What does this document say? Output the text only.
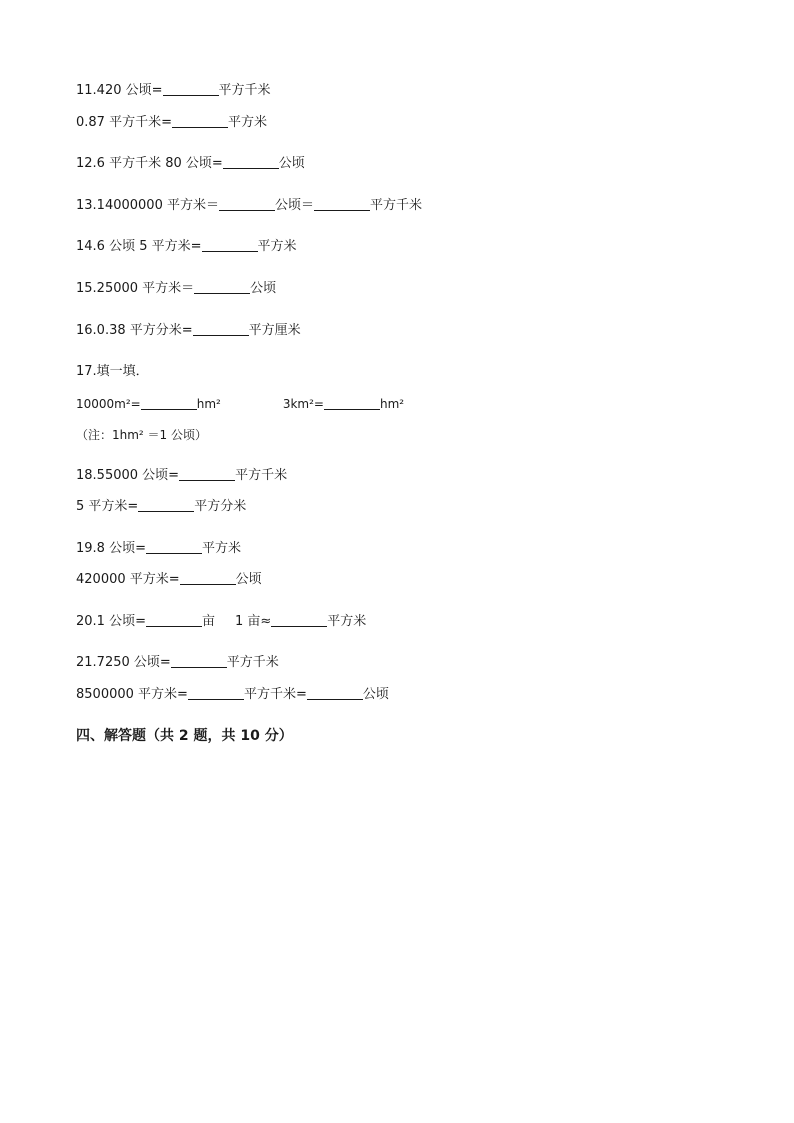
11.420 公顷=	平方千米
0.87 平方千米=	平方米
12.6 平方千米 80 公顷=	公顷
13.14000000 平方米＝	公顷＝	平方千米
14.6 公顷 5 平方米=	平方米
15.25000 平方米＝	公顷
16.0.38 平方分米=	平方厘米
17.填一填．
10000m²=	hm²	3km²=	hm²
（注：1hm² ＝1 公顷）
18.55000 公顷=	平方千米
5 平方米=	平方分米
19.8 公顷=	平方米
420000 平方米=	公顷
20.1 公顷=	亩 1 亩≈	平方米
21.7250 公顷=	平方千米
8500000 平方米=	平方千米=	公顷
四、解答题（共 2 题，共 10 分）
